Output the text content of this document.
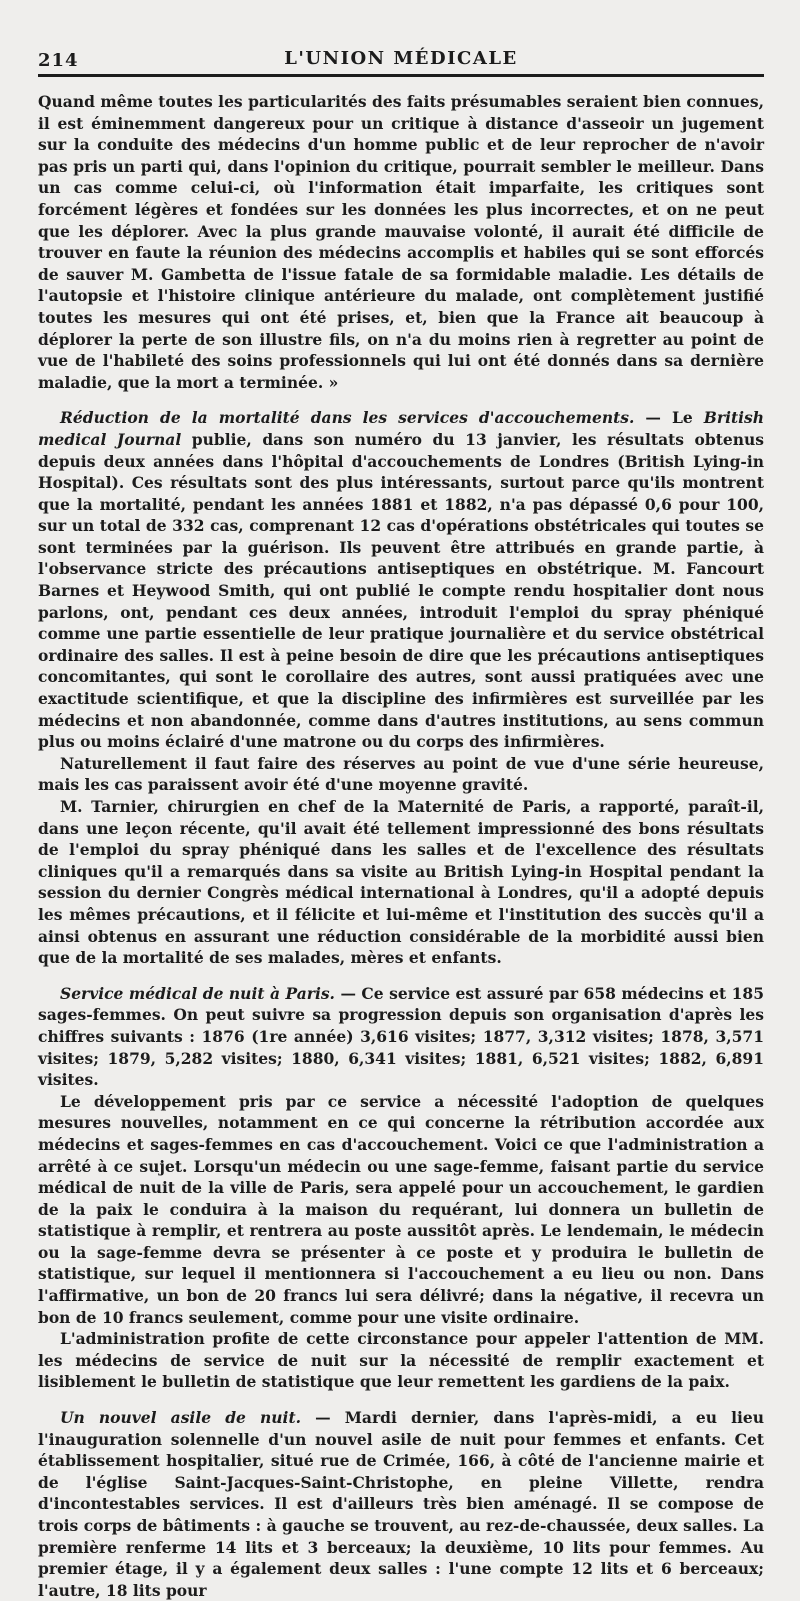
214	L'UNION MÉDICALE

Quand même toutes les particularités des faits présumables seraient bien connues, il est éminemment dangereux pour un critique à distance d'asseoir un jugement sur la conduite des médecins d'un homme public et de leur reprocher de n'avoir pas pris un parti qui, dans l'opinion du critique, pourrait sembler le meilleur. Dans un cas comme celui-ci, où l'information était imparfaite, les critiques sont forcément légères et fondées sur les données les plus incorrectes, et on ne peut que les déplorer. Avec la plus grande mauvaise volonté, il aurait été difficile de trouver en faute la réunion des médecins accomplis et habiles qui se sont efforcés de sauver M. Gambetta de l'issue fatale de sa formidable maladie. Les détails de l'autopsie et l'histoire clinique antérieure du malade, ont complètement justifié toutes les mesures qui ont été prises, et, bien que la France ait beaucoup à déplorer la perte de son illustre fils, on n'a du moins rien à regretter au point de vue de l'habileté des soins professionnels qui lui ont été donnés dans sa dernière maladie, que la mort a terminée. »

Réduction de la mortalité dans les services d'accouchements. — Le British medical Journal publie, dans son numéro du 13 janvier, les résultats obtenus depuis deux années dans l'hôpital d'accouchements de Londres (British Lying-in Hospital). Ces résultats sont des plus intéressants, surtout parce qu'ils montrent que la mortalité, pendant les années 1881 et 1882, n'a pas dépassé 0,6 pour 100, sur un total de 332 cas, comprenant 12 cas d'opérations obstétricales qui toutes se sont terminées par la guérison. Ils peuvent être attribués en grande partie, à l'observance stricte des précautions antiseptiques en obstétrique. M. Fancourt Barnes et Heywood Smith, qui ont publié le compte rendu hospitalier dont nous parlons, ont, pendant ces deux années, introduit l'emploi du spray phéniqué comme une partie essentielle de leur pratique journalière et du service obstétrical ordinaire des salles. Il est à peine besoin de dire que les précautions antiseptiques concomitantes, qui sont le corollaire des autres, sont aussi pratiquées avec une exactitude scientifique, et que la discipline des infirmières est surveillée par les médecins et non abandonnée, comme dans d'autres institutions, au sens commun plus ou moins éclairé d'une matrone ou du corps des infirmières.

Naturellement il faut faire des réserves au point de vue d'une série heureuse, mais les cas paraissent avoir été d'une moyenne gravité.

M. Tarnier, chirurgien en chef de la Maternité de Paris, a rapporté, paraît-il, dans une leçon récente, qu'il avait été tellement impressionné des bons résultats de l'emploi du spray phéniqué dans les salles et de l'excellence des résultats cliniques qu'il a remarqués dans sa visite au British Lying-in Hospital pendant la session du dernier Congrès médical international à Londres, qu'il a adopté depuis les mêmes précautions, et il félicite et lui-même et l'institution des succès qu'il a ainsi obtenus en assurant une réduction considérable de la morbidité aussi bien que de la mortalité de ses malades, mères et enfants.

Service médical de nuit à Paris. — Ce service est assuré par 658 médecins et 185 sages-femmes. On peut suivre sa progression depuis son organisation d'après les chiffres suivants : 1876 (1re année) 3,616 visites; 1877, 3,312 visites; 1878, 3,571 visites; 1879, 5,282 visites; 1880, 6,341 visites; 1881, 6,521 visites; 1882, 6,891 visites.

Le développement pris par ce service a nécessité l'adoption de quelques mesures nouvelles, notamment en ce qui concerne la rétribution accordée aux médecins et sages-femmes en cas d'accouchement. Voici ce que l'administration a arrêté à ce sujet. Lorsqu'un médecin ou une sage-femme, faisant partie du service médical de nuit de la ville de Paris, sera appelé pour un accouchement, le gardien de la paix le conduira à la maison du requérant, lui donnera un bulletin de statistique à remplir, et rentrera au poste aussitôt après. Le lendemain, le médecin ou la sage-femme devra se présenter à ce poste et y produira le bulletin de statistique, sur lequel il mentionnera si l'accouchement a eu lieu ou non. Dans l'affirmative, un bon de 20 francs lui sera délivré; dans la négative, il recevra un bon de 10 francs seulement, comme pour une visite ordinaire.

L'administration profite de cette circonstance pour appeler l'attention de MM. les médecins de service de nuit sur la nécessité de remplir exactement et lisiblement le bulletin de statistique que leur remettent les gardiens de la paix.

Un nouvel asile de nuit. — Mardi dernier, dans l'après-midi, a eu lieu l'inauguration solennelle d'un nouvel asile de nuit pour femmes et enfants. Cet établissement hospitalier, situé rue de Crimée, 166, à côté de l'ancienne mairie et de l'église Saint-Jacques-Saint-Christophe, en pleine Villette, rendra d'incontestables services. Il est d'ailleurs très bien aménagé. Il se compose de trois corps de bâtiments : à gauche se trouvent, au rez-de-chaussée, deux salles. La première renferme 14 lits et 3 berceaux; la deuxième, 10 lits pour femmes. Au premier étage, il y a également deux salles : l'une compte 12 lits et 6 berceaux; l'autre, 18 lits pour
